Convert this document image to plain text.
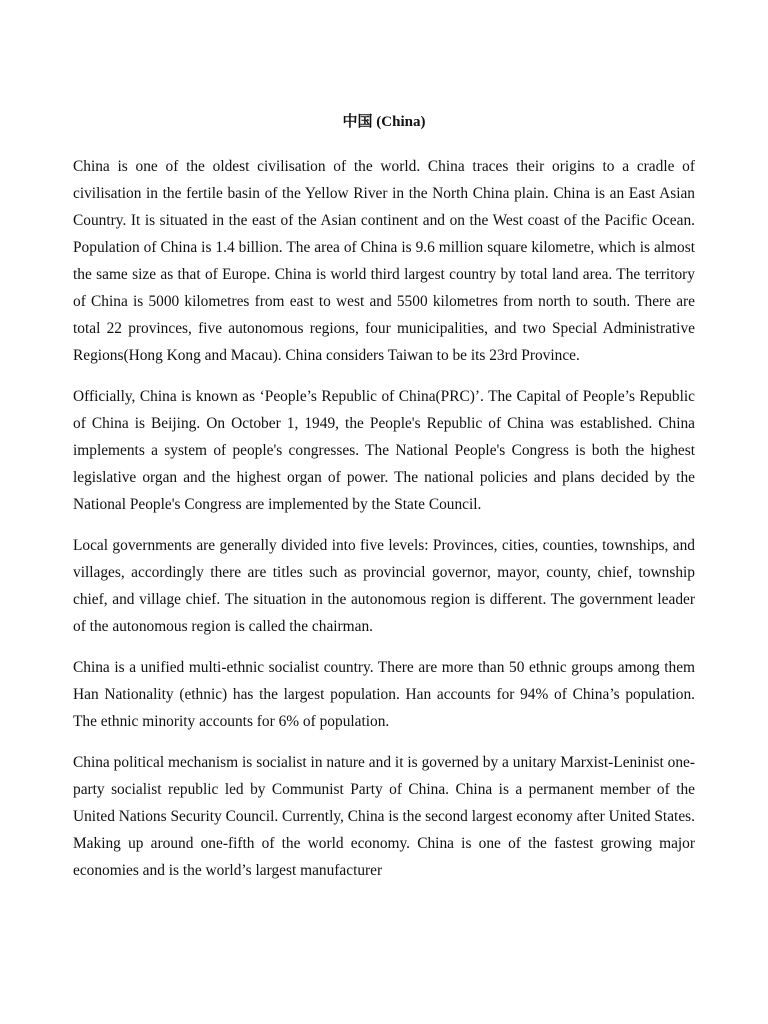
中国 (China)

China is one of the oldest civilisation of the world. China traces their origins to a cradle of civilisation in the fertile basin of the Yellow River in the North China plain. China is an East Asian Country. It is situated in the east of the Asian continent and on the West coast of the Pacific Ocean. Population of China is 1.4 billion. The area of China is 9.6 million square kilometre, which is almost the same size as that of Europe. China is world third largest country by total land area. The territory of China is 5000 kilometres from east to west and 5500 kilometres from north to south. There are total 22 provinces, five autonomous regions, four municipalities, and two Special Administrative Regions(Hong Kong and Macau). China considers Taiwan to be its 23rd Province.

Officially, China is known as ‘People’s Republic of China(PRC)’. The Capital of People’s Republic of China is Beijing. On October 1, 1949, the People's Republic of China was established. China implements a system of people's congresses. The National People's Congress is both the highest legislative organ and the highest organ of power. The national policies and plans decided by the National People's Congress are implemented by the State Council.

Local governments are generally divided into five levels: Provinces, cities, counties, townships, and villages, accordingly there are titles such as provincial governor, mayor, county, chief, township chief, and village chief. The situation in the autonomous region is different. The government leader of the autonomous region is called the chairman.

China is a unified multi-ethnic socialist country. There are more than 50 ethnic groups among them Han Nationality (ethnic) has the largest population. Han accounts for 94% of China’s population. The ethnic minority accounts for 6% of population.

China political mechanism is socialist in nature and it is governed by a unitary Marxist-Leninist one-party socialist republic led by Communist Party of China. China is a permanent member of the United Nations Security Council. Currently, China is the second largest economy after United States. Making up around one-fifth of the world economy. China is one of the fastest growing major economies and is the world’s largest manufacturer
